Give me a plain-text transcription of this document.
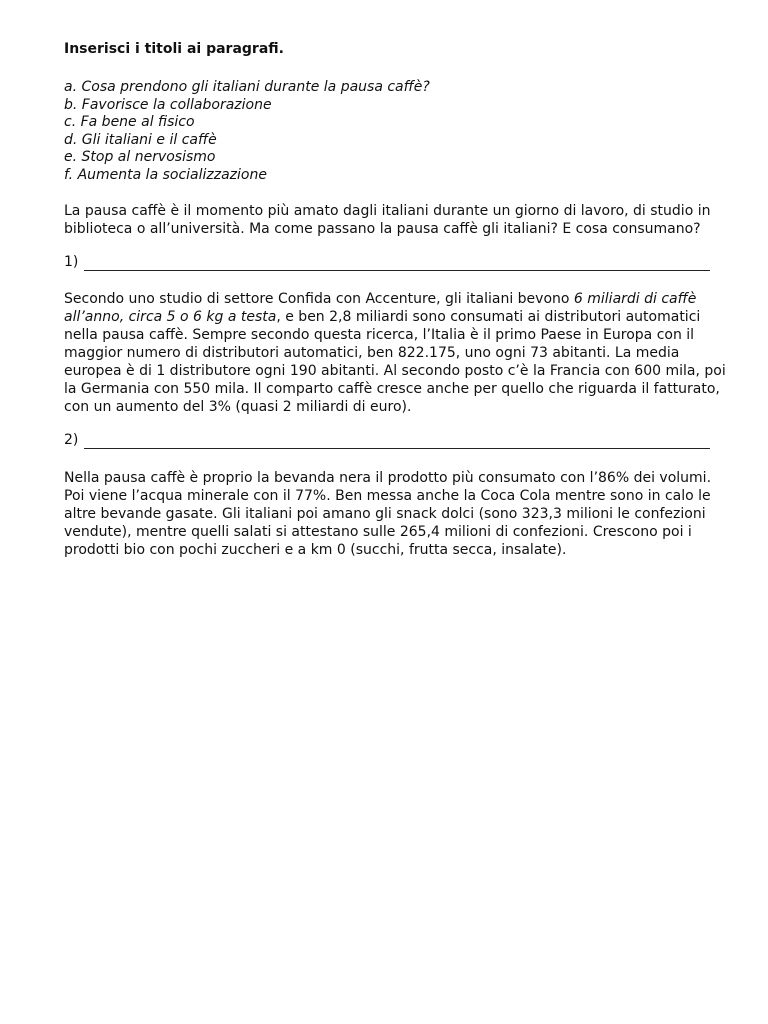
Inserisci i titoli ai paragrafi.

a. Cosa prendono gli italiani durante la pausa caffè?
b. Favorisce la collaborazione
c. Fa bene al fisico
d. Gli italiani e il caffè
e. Stop al nervosismo
f. Aumenta la socializzazione

La pausa caffè è il momento più amato dagli italiani durante un giorno di lavoro, di studio in biblioteca o all’università. Ma come passano la pausa caffè gli italiani? E cosa consumano?

1)

Secondo uno studio di settore Confida con Accenture, gli italiani bevono 6 miliardi di caffè all’anno, circa 5 o 6 kg a testa, e ben 2,8 miliardi sono consumati ai distributori automatici nella pausa caffè. Sempre secondo questa ricerca, l’Italia è il primo Paese in Europa con il maggior numero di distributori automatici, ben 822.175, uno ogni 73 abitanti. La media europea è di 1 distributore ogni 190 abitanti. Al secondo posto c’è la Francia con 600 mila, poi la Germania con 550 mila. Il comparto caffè cresce anche per quello che riguarda il fatturato, con un aumento del 3% (quasi 2 miliardi di euro).

2)

Nella pausa caffè è proprio la bevanda nera il prodotto più consumato con l’86% dei volumi. Poi viene l’acqua minerale con il 77%. Ben messa anche la Coca Cola mentre sono in calo le altre bevande gasate. Gli italiani poi amano gli snack dolci (sono 323,3 milioni le confezioni vendute), mentre quelli salati si attestano sulle 265,4 milioni di confezioni. Crescono poi i prodotti bio con pochi zuccheri e a km 0 (succhi, frutta secca, insalate).
